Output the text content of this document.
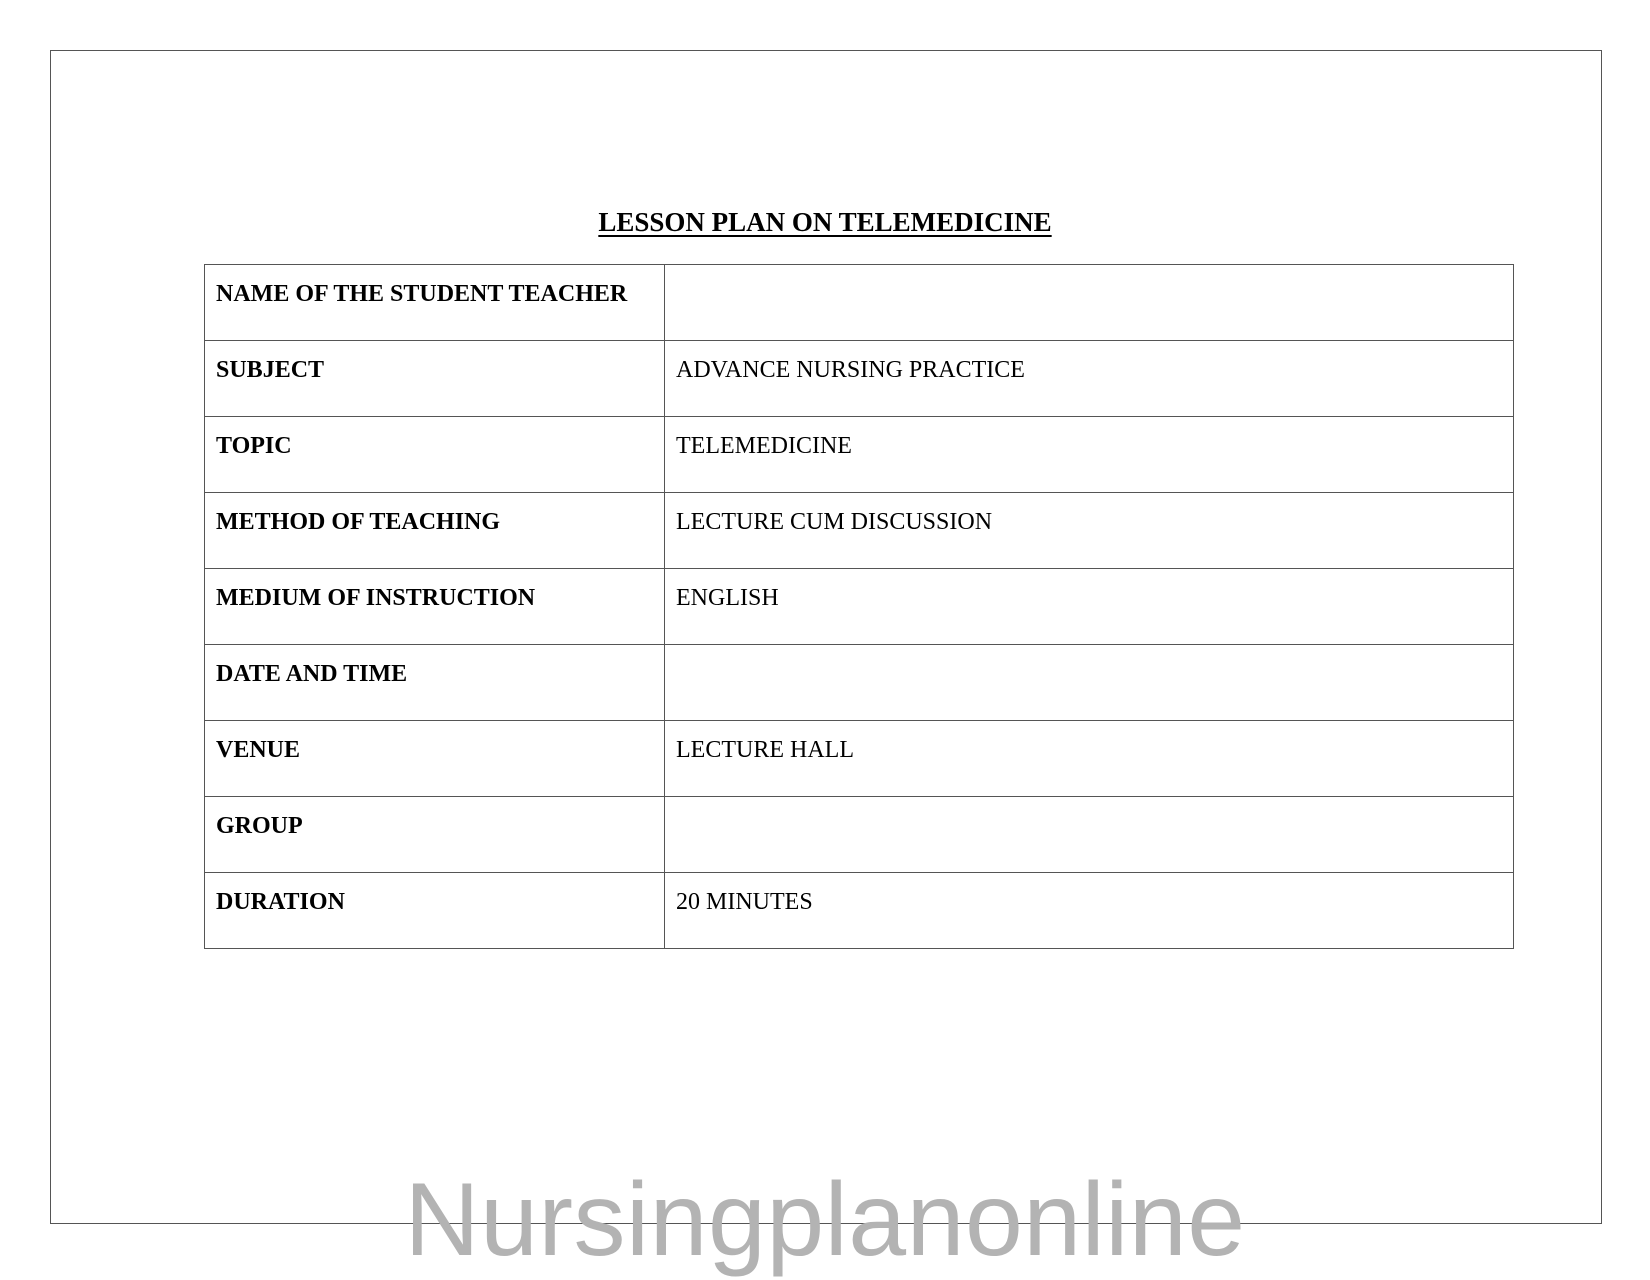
LESSON PLAN ON TELEMEDICINE
NAME OF THE STUDENT TEACHER	

SUBJECT	ADVANCE NURSING PRACTICE

TOPIC	TELEMEDICINE

METHOD OF TEACHING	LECTURE CUM DISCUSSION

MEDIUM OF INSTRUCTION	ENGLISH

DATE AND TIME	

VENUE	LECTURE HALL

GROUP	

DURATION	20 MINUTES
Nursingplanonline
